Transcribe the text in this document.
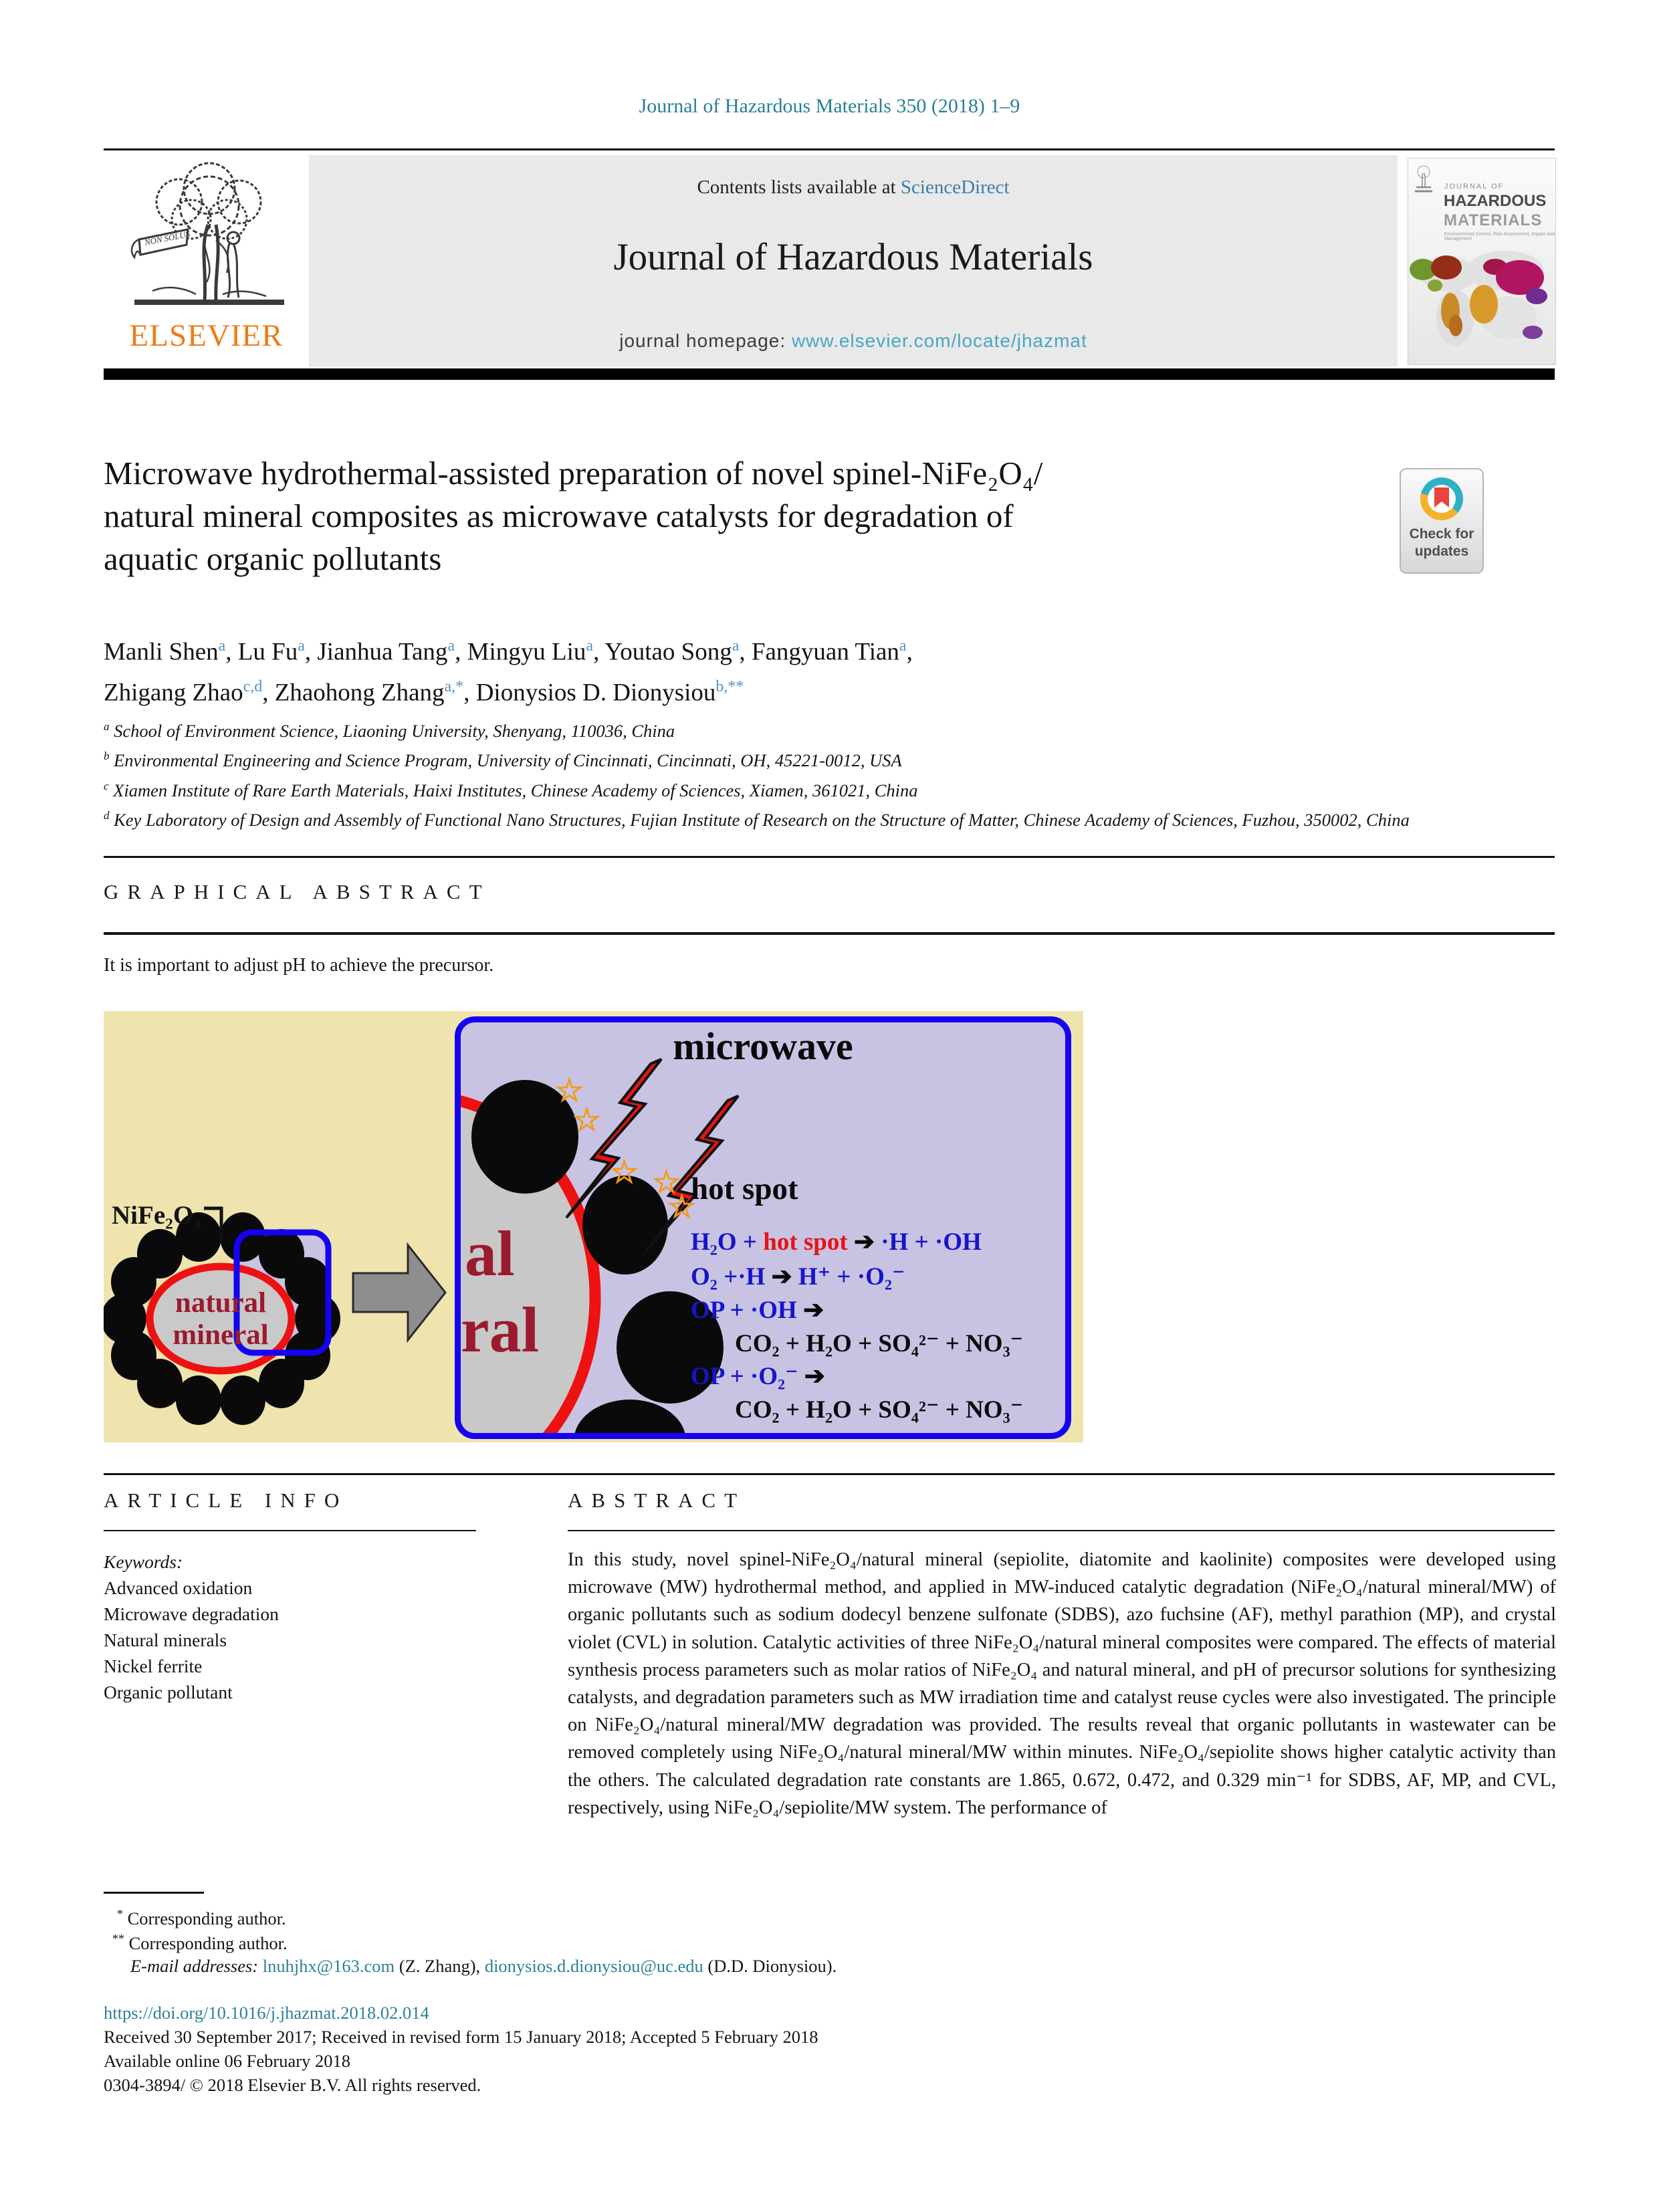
Journal of Hazardous Materials 350 (2018) 1–9
NON SOLUS
ELSEVIER
Contents lists available at ScienceDirect
Journal of Hazardous Materials
journal homepage: www.elsevier.com/locate/jhazmat
JOURNAL OF
HAZARDOUS
MATERIALS
Environmental Control, Risk Assessment, Impact and Management
Microwave hydrothermal-assisted preparation of novel spinel-NiFe₂O₄/
natural mineral composites as microwave catalysts for degradation of
aquatic organic pollutants
Check for
updates
Manli Shen$^a$, Lu Fu$^a$, Jianhua Tang$^a$, Mingyu Liu$^a$, Youtao Song$^a$, Fangyuan Tian$^a$,
Zhigang Zhao$^{c,d}$, Zhaohong Zhang$^{a,*}$, Dionysios D. Dionysiou$^{b,**}$
$^a$ School of Environment Science, Liaoning University, Shenyang, 110036, China
$^b$ Environmental Engineering and Science Program, University of Cincinnati, Cincinnati, OH, 45221-0012, USA
$^c$ Xiamen Institute of Rare Earth Materials, Haixi Institutes, Chinese Academy of Sciences, Xiamen, 361021, China
$^d$ Key Laboratory of Design and Assembly of Functional Nano Structures, Fujian Institute of Research on the Structure of Matter, Chinese Academy of Sciences, Fuzhou, 350002, China
GRAPHICAL ABSTRACT
It is important to adjust pH to achieve the precursor.
NiFe₂O₄
natural
mineral
microwave
☆
☆
☆ ☆
☆
hot spot
al
ral
H₂O + hot spot ➔ ·H + ·OH
O₂ +·H ➔ H⁺ + ·O₂⁻
OP + ·OH ➔
CO₂ + H₂O + SO₄²⁻ + NO₃⁻
OP + ·O₂⁻ ➔
CO₂ + H₂O + SO₄²⁻ + NO₃⁻
ARTICLE INFO	ABSTRACT
Keywords:
Advanced oxidation
Microwave degradation
Natural minerals
Nickel ferrite
Organic pollutant
In this study, novel spinel-NiFe₂O₄/natural mineral (sepiolite, diatomite and kaolinite) composites were developed using microwave (MW) hydrothermal method, and applied in MW-induced catalytic degradation (NiFe₂O₄/natural mineral/MW) of organic pollutants such as sodium dodecyl benzene sulfonate (SDBS), azo fuchsine (AF), methyl parathion (MP), and crystal violet (CVL) in solution. Catalytic activities of three NiFe₂O₄/natural mineral composites were compared. The effects of material synthesis process parameters such as molar ratios of NiFe₂O₄ and natural mineral, and pH of precursor solutions for synthesizing catalysts, and degradation parameters such as MW irradiation time and catalyst reuse cycles were also investigated. The principle on NiFe₂O₄/natural mineral/MW degradation was provided. The results reveal that organic pollutants in wastewater can be removed completely using NiFe₂O₄/natural mineral/MW within minutes. NiFe₂O₄/sepiolite shows higher catalytic activity than the others. The calculated degradation rate constants are 1.865, 0.672, 0.472, and 0.329 min⁻¹ for SDBS, AF, MP, and CVL, respectively, using NiFe₂O₄/sepiolite/MW system. The performance of
* Corresponding author.
** Corresponding author.
E-mail addresses: lnuhjhx@163.com (Z. Zhang), dionysios.d.dionysiou@uc.edu (D.D. Dionysiou).
https://doi.org/10.1016/j.jhazmat.2018.02.014
Received 30 September 2017; Received in revised form 15 January 2018; Accepted 5 February 2018
Available online 06 February 2018
0304-3894/ © 2018 Elsevier B.V. All rights reserved.
